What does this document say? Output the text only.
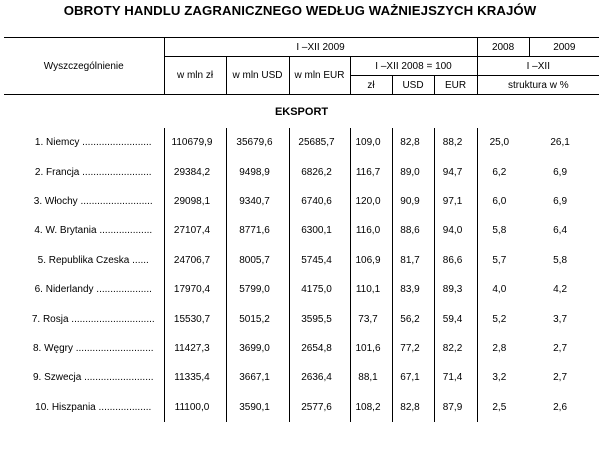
OBROTY HANDLU ZAGRANICZNEGO WEDŁUG WAŻNIEJSZYCH KRAJÓW
Wyszczególnienie	I –XII 2009						2008	2009
	w mln zł	w mln USD	w mln EUR	I –XII 2008 = 100			I –XII	
				zł	USD	EUR	struktura w %	
EKSPORT								
1. Niemcy .........................	110679,9	35679,6	25685,7	109,0	82,8	88,2	25,0	26,1
2. Francja .........................	29384,2	9498,9	6826,2	116,7	89,0	94,7	6,2	6,9
3. Włochy ..........................	29098,1	9340,7	6740,6	120,0	90,9	97,1	6,0	6,9
4. W. Brytania ...................	27107,4	8771,6	6300,1	116,0	88,6	94,0	5,8	6,4
5. Republika Czeska ......	24706,7	8005,7	5745,4	106,9	81,7	86,6	5,7	5,8
6. Niderlandy ....................	17970,4	5799,0	4175,0	110,1	83,9	89,3	4,0	4,2
7. Rosja ..............................	15530,7	5015,2	3595,5	73,7	56,2	59,4	5,2	3,7
8. Węgry ............................	11427,3	3699,0	2654,8	101,6	77,2	82,2	2,8	2,7
9. Szwecja .........................	11335,4	3667,1	2636,4	88,1	67,1	71,4	3,2	2,7
10. Hiszpania ...................	11100,0	3590,1	2577,6	108,2	82,8	87,9	2,5	2,6
